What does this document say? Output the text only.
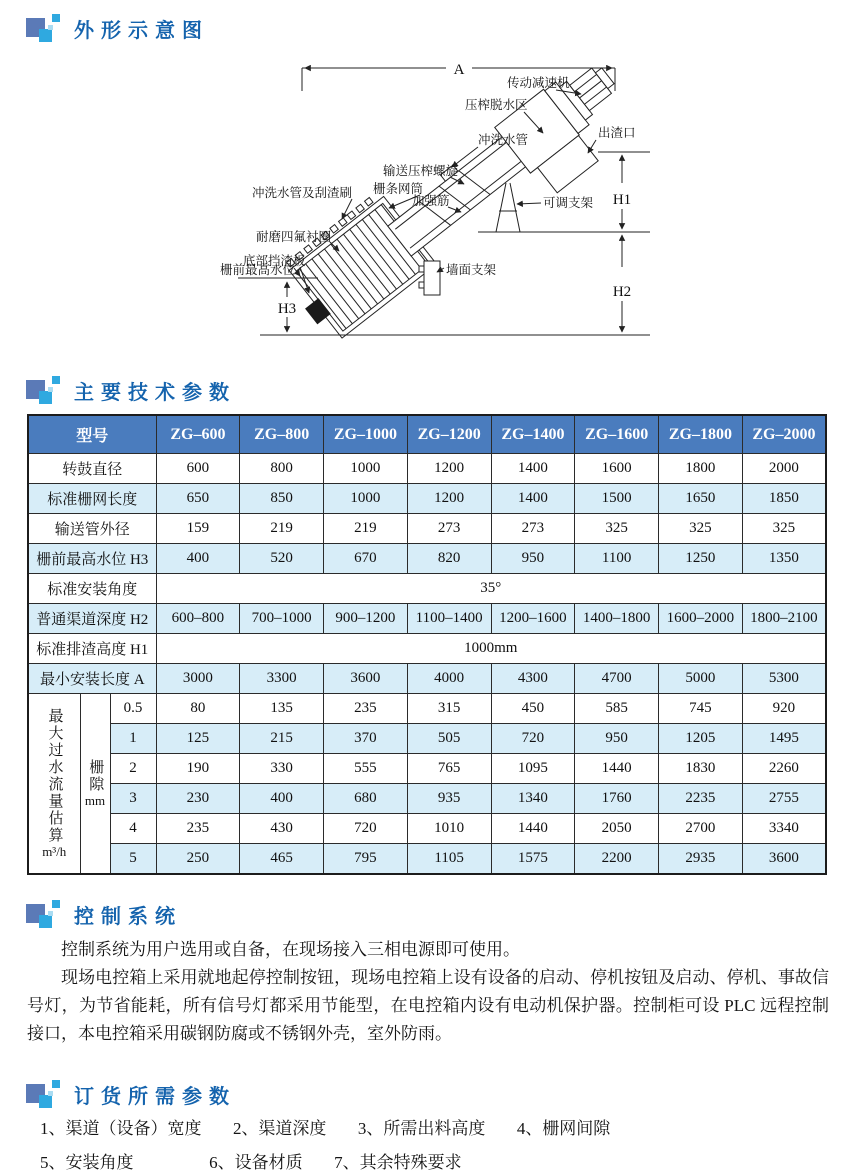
外形示意图
A
H1
H2
H3
传动减速机
压榨脱水区
冲洗水管	出渣口
输送压榨螺旋
栅条网筒
加强筋
冲洗水管及刮渣刷
耐磨四氟衬圈
底部挡渣板
栅前最高水位
可调支架
墙面支架
主要技术参数
型号			ZG–600	ZG–800	ZG–1000	ZG–1200	ZG–1400	ZG–1600	ZG–1800	ZG–2000
转鼓直径			600	800	1000	1200	1400	1600	1800	2000
标准栅网长度			650	850	1000	1200	1400	1500	1650	1850
输送管外径			159	219	219	273	273	325	325	325
栅前最高水位 H3			400	520	670	820	950	1100	1250	1350
标准安装角度			35°							
普通渠道深度 H2			600–800	700–1000	900–1200	1100–1400	1200–1600	1400–1800	1600–2000	1800–2100
标准排渣高度 H1			1000mm							
最小安装长度 A			3000	3300	3600	4000	4300	4700	5000	5300
最大过水流量估算
m³/h
	栅隙
mm
	0.5	80	135	235	315	450	585	745	920
		1	125	215	370	505	720	950	1205	1495
		2	190	330	555	765	1095	1440	1830	2260
		3	230	400	680	935	1340	1760	2235	2755
		4	235	430	720	1010	1440	2050	2700	3340
		5	250	465	795	1105	1575	2200	2935	3600
控制系统

控制系统为用户选用或自备，在现场接入三相电源即可使用。

现场电控箱上采用就地起停控制按钮，现场电控箱上设有设备的启动、停机按钮及启动、停机、事故信号灯，为节省能耗，所有信号灯都采用节能型，在电控箱内设有电动机保护器。控制柜可设 PLC 远程控制接口，本电控箱采用碳钢防腐或不锈钢外壳，室外防雨。

订货所需参数
1、渠道（设备）宽度 2、渠道深度 3、所需出料高度 4、栅网间隙
5、安装角度	6、设备材质 7、其余特殊要求
